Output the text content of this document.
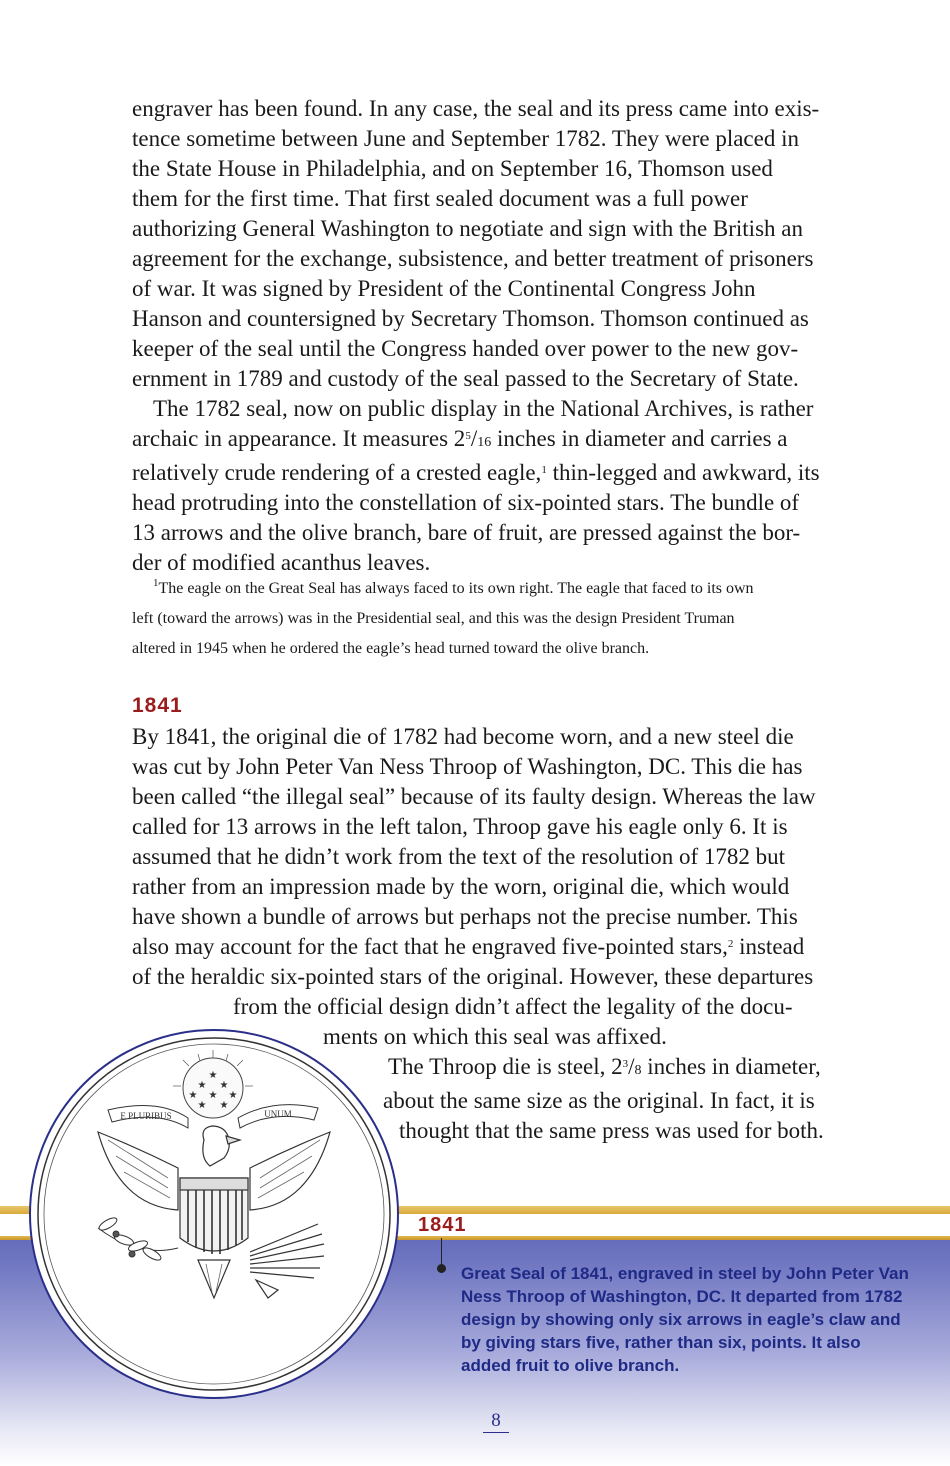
engraver has been found. In any case, the seal and its press came into exis-
tence sometime between June and September 1782. They were placed in
the State House in Philadelphia, and on September 16, Thomson used
them for the first time. That first sealed document was a full power
authorizing General Washington to negotiate and sign with the British an
agreement for the exchange, subsistence, and better treatment of prisoners
of war. It was signed by President of the Continental Congress John
Hanson and countersigned by Secretary Thomson. Thomson continued as
keeper of the seal until the Congress handed over power to the new gov-
ernment in 1789 and custody of the seal passed to the Secretary of State.
The 1782 seal, now on public display in the National Archives, is rather
archaic in appearance. It measures $2^5/16$ inches in diameter and carries a
relatively crude rendering of a crested eagle,$^1$ thin-legged and awkward, its
head protruding into the constellation of six-pointed stars. The bundle of
13 arrows and the olive branch, bare of fruit, are pressed against the bor-
der of modified acanthus leaves.
$^1$The eagle on the Great Seal has always faced to its own right. The eagle that faced to its own
left (toward the arrows) was in the Presidential seal, and this was the design President Truman
altered in 1945 when he ordered the eagle’s head turned toward the olive branch.
1841
By 1841, the original die of 1782 had become worn, and a new steel die
was cut by John Peter Van Ness Throop of Washington, DC. This die has
been called “the illegal seal” because of its faulty design. Whereas the law
called for 13 arrows in the left talon, Throop gave his eagle only 6. It is
assumed that he didn’t work from the text of the resolution of 1782 but
rather from an impression made by the worn, original die, which would
have shown a bundle of arrows but perhaps not the precise number. This
also may account for the fact that he engraved five-pointed stars,$^2$ instead
of the heraldic six-pointed stars of the original. However, these departures
from the official design didn’t affect the legality of the docu-
ments on which this seal was affixed.
The Throop die is steel, $2^3/8$ inches in diameter,
about the same size as the original. In fact, it is
thought that the same press was used for both.
★
★ ★
★ ★ ★
★ ★
E PLURIBUS	UNUM
1841
Great Seal of 1841, engraved in steel by John Peter Van Ness Throop of Washington, DC. It departed from 1782 design by showing only six arrows in eagle’s claw and by giving stars five, rather than six, points. It also added fruit to olive branch.
8
